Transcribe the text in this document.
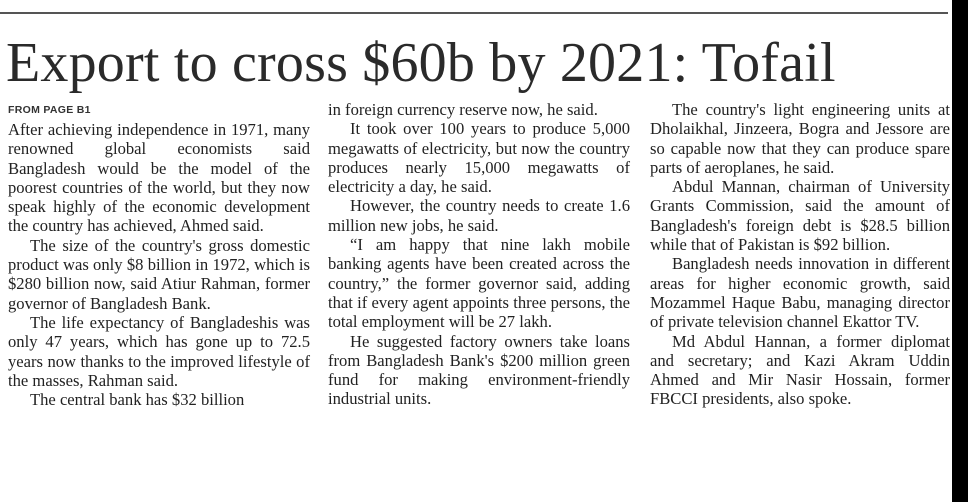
Export to cross $60b by 2021: Tofail
FROM PAGE B1

After achieving independence in 1971, many renowned global economists said Bangladesh would be the model of the poorest countries of the world, but they now speak highly of the economic development the country has achieved, Ahmed said.

The size of the country's gross domestic product was only $8 billion in 1972, which is $280 billion now, said Atiur Rahman, former governor of Bangladesh Bank.

The life expectancy of Bangladeshis was only 47 years, which has gone up to 72.5 years now thanks to the improved lifestyle of the masses, Rahman said.

The central bank has $32 billion

in foreign currency reserve now, he said.

It took over 100 years to produce 5,000 megawatts of electricity, but now the country produces nearly 15,000 megawatts of electricity a day, he said.

However, the country needs to create 1.6 million new jobs, he said.

“I am happy that nine lakh mobile banking agents have been created across the country,” the former governor said, adding that if every agent appoints three persons, the total employment will be 27 lakh.

He suggested factory owners take loans from Bangladesh Bank's $200 million green fund for making environment-friendly industrial units.

The country's light engineering units at Dholaikhal, Jinzeera, Bogra and Jessore are so capable now that they can produce spare parts of aeroplanes, he said.

Abdul Mannan, chairman of University Grants Commission, said the amount of Bangladesh's foreign debt is $28.5 billion while that of Pakistan is $92 billion.

Bangladesh needs innovation in different areas for higher economic growth, said Mozammel Haque Babu, managing director of private television channel Ekattor TV.

Md Abdul Hannan, a former diplomat and secretary; and Kazi Akram Uddin Ahmed and Mir Nasir Hossain, former FBCCI presidents, also spoke.
